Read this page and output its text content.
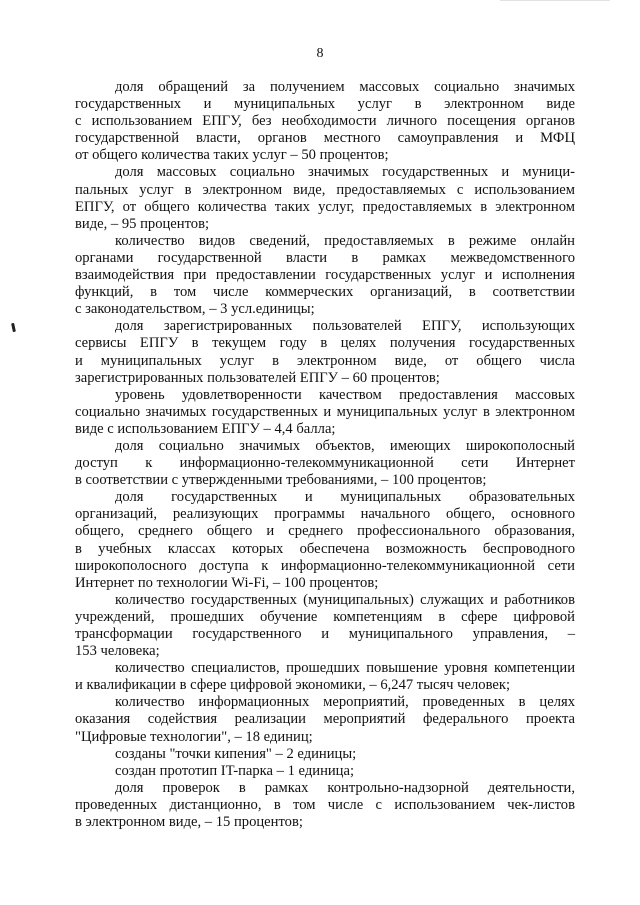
8
доля обращений за получением массовых социально значимых
государственных и муниципальных услуг в электронном виде
с использованием ЕПГУ, без необходимости личного посещения органов
государственной власти, органов местного самоуправления и МФЦ
от общего количества таких услуг – 50 процентов;
доля массовых социально значимых государственных и муници-
пальных услуг в электронном виде, предоставляемых с использованием
ЕПГУ, от общего количества таких услуг, предоставляемых в электронном
виде, – 95 процентов;
количество видов сведений, предоставляемых в режиме онлайн
органами государственной власти в рамках межведомственного
взаимодействия при предоставлении государственных услуг и исполнения
функций, в том числе коммерческих организаций, в соответствии
с законодательством, – 3 усл.единицы;
доля зарегистрированных пользователей ЕПГУ, использующих
сервисы ЕПГУ в текущем году в целях получения государственных
и муниципальных услуг в электронном виде, от общего числа
зарегистрированных пользователей ЕПГУ – 60 процентов;
уровень удовлетворенности качеством предоставления массовых
социально значимых государственных и муниципальных услуг в электронном
виде с использованием ЕПГУ – 4,4 балла;
доля социально значимых объектов, имеющих широкополосный
доступ к информационно-телекоммуникационной сети Интернет
в соответствии с утвержденными требованиями, – 100 процентов;
доля государственных и муниципальных образовательных
организаций, реализующих программы начального общего, основного
общего, среднего общего и среднего профессионального образования,
в учебных классах которых обеспечена возможность беспроводного
широкополосного доступа к информационно-телекоммуникационной сети
Интернет по технологии Wi-Fi, – 100 процентов;
количество государственных (муниципальных) служащих и работников
учреждений, прошедших обучение компетенциям в сфере цифровой
трансформации государственного и муниципального управления, –
153 человека;
количество специалистов, прошедших повышение уровня компетенции
и квалификации в сфере цифровой экономики, – 6,247 тысяч человек;
количество информационных мероприятий, проведенных в целях
оказания содействия реализации мероприятий федерального проекта
"Цифровые технологии", – 18 единиц;
созданы "точки кипения" – 2 единицы;
создан прототип IT-парка – 1 единица;
доля проверок в рамках контрольно-надзорной деятельности,
проведенных дистанционно, в том числе с использованием чек-листов
в электронном виде, – 15 процентов;
